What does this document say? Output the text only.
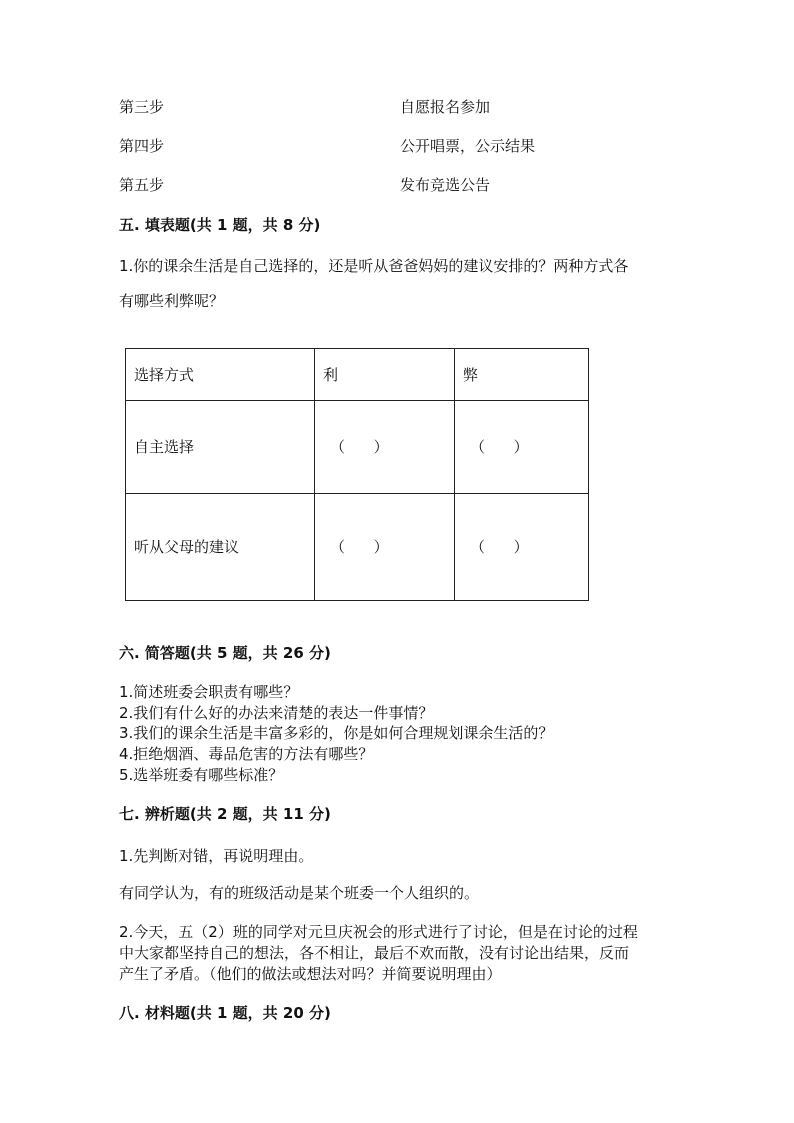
第三步	自愿报名参加
第四步	公开唱票，公示结果
第五步	发布竞选公告
五. 填表题(共 1 题，共 8 分)
1.你的课余生活是自己选择的，还是听从爸爸妈妈的建议安排的？两种方式各
有哪些利弊呢？
选择方式	利	弊
自主选择	（      ）	（      ）
听从父母的建议	（      ）	（      ）
六. 简答题(共 5 题，共 26 分)
1.简述班委会职责有哪些？
2.我们有什么好的办法来清楚的表达一件事情？
3.我们的课余生活是丰富多彩的，你是如何合理规划课余生活的？
4.拒绝烟酒、毒品危害的方法有哪些？
5.选举班委有哪些标准？
七. 辨析题(共 2 题，共 11 分)
1.先判断对错，再说明理由。
有同学认为，有的班级活动是某个班委一个人组织的。
2.今天，五（2）班的同学对元旦庆祝会的形式进行了讨论，但是在讨论的过程
中大家都坚持自己的想法，各不相让，最后不欢而散，没有讨论出结果，反而
产生了矛盾。（他们的做法或想法对吗？并简要说明理由）
八. 材料题(共 1 题，共 20 分)
